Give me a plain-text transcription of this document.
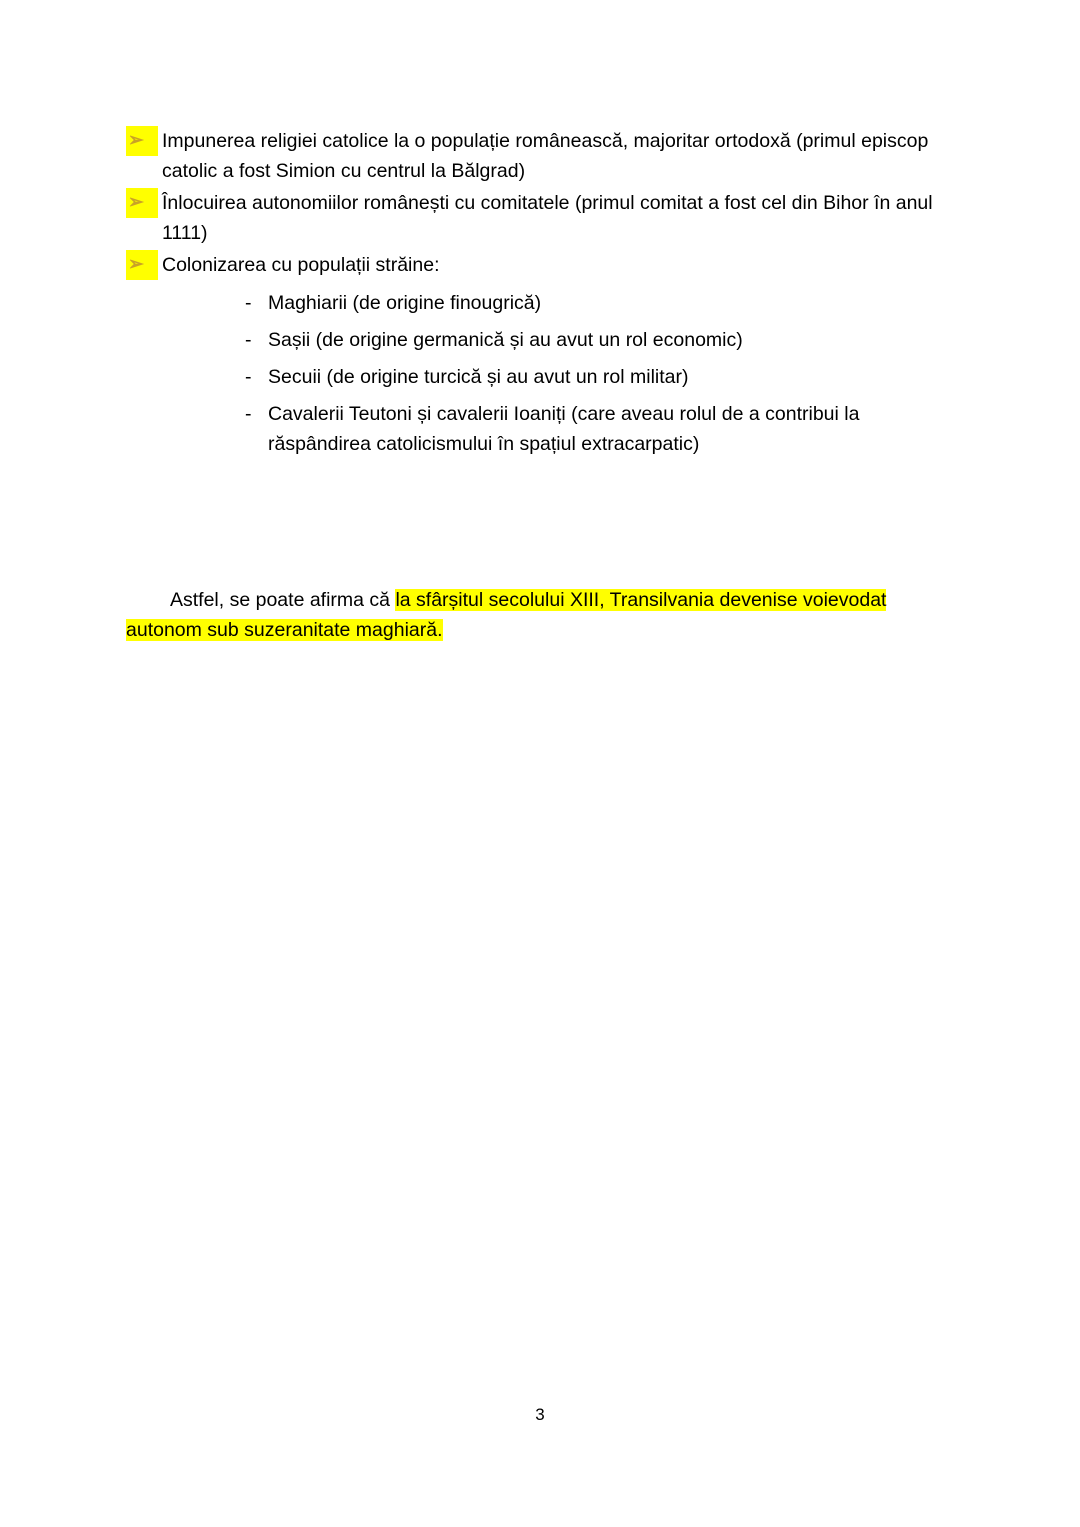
➢ Impunerea religiei catolice la o populație românească, majoritar ortodoxă (primul episcop catolic a fost Simion cu centrul la Bălgrad)
➢ Înlocuirea autonomiilor românești cu comitatele (primul comitat a fost cel din Bihor în anul 1111)
➢ Colonizarea cu populații străine:
- Maghiarii (de origine finougrică)
- Sașii (de origine germanică și au avut un rol economic)
- Secuii (de origine turcică și au avut un rol militar)
- Cavalerii Teutoni și cavalerii Ioaniți (care aveau rolul de a contribui la răspândirea catolicismului în spațiul extracarpatic)

Astfel, se poate afirma că la sfârșitul secolului XIII, Transilvania devenise voievodat autonom sub suzeranitate maghiară.

3
